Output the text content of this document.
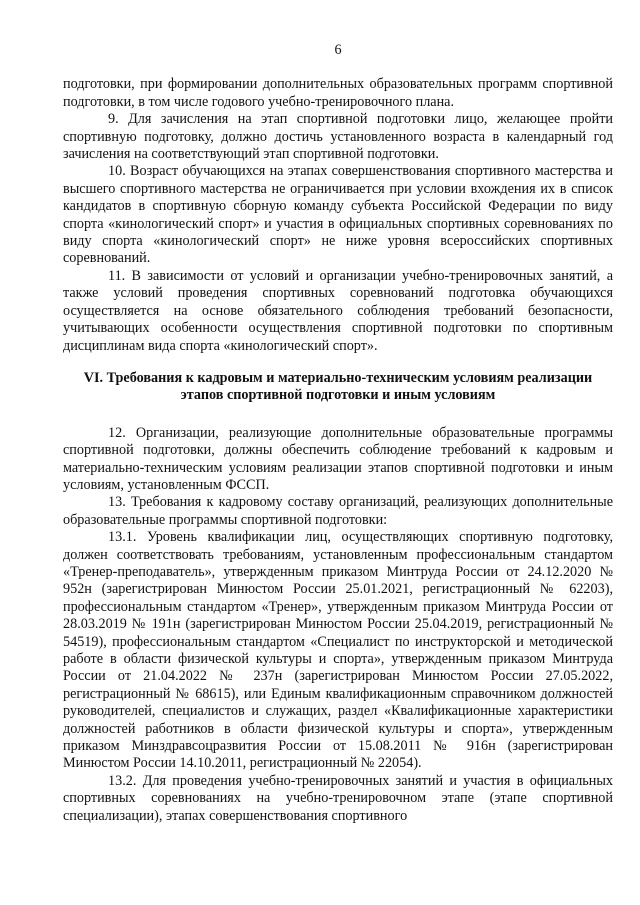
6

подготовки, при формировании дополнительных образовательных программ спортивной подготовки, в том числе годового учебно-тренировочного плана.

9. Для зачисления на этап спортивной подготовки лицо, желающее пройти спортивную подготовку, должно достичь установленного возраста в календарный год зачисления на соответствующий этап спортивной подготовки.

10. Возраст обучающихся на этапах совершенствования спортивного мастерства и высшего спортивного мастерства не ограничивается при условии вхождения их в список кандидатов в спортивную сборную команду субъекта Российской Федерации по виду спорта «кинологический спорт» и участия в официальных спортивных соревнованиях по виду спорта «кинологический спорт» не ниже уровня всероссийских спортивных соревнований.

11. В зависимости от условий и организации учебно-тренировочных занятий, а также условий проведения спортивных соревнований подготовка обучающихся осуществляется на основе обязательного соблюдения требований безопасности, учитывающих особенности осуществления спортивной подготовки по спортивным дисциплинам вида спорта «кинологический спорт».

VI. Требования к кадровым и материально-техническим условиям реализации этапов спортивной подготовки и иным условиям

12. Организации, реализующие дополнительные образовательные программы спортивной подготовки, должны обеспечить соблюдение требований к кадровым и материально-техническим условиям реализации этапов спортивной подготовки и иным условиям, установленным ФССП.

13. Требования к кадровому составу организаций, реализующих дополнительные образовательные программы спортивной подготовки:

13.1. Уровень квалификации лиц, осуществляющих спортивную подготовку, должен соответствовать требованиям, установленным профессиональным стандартом «Тренер-преподаватель», утвержденным приказом Минтруда России от 24.12.2020 № 952н (зарегистрирован Минюстом России 25.01.2021, регистрационный № 62203), профессиональным стандартом «Тренер», утвержденным приказом Минтруда России от 28.03.2019 № 191н (зарегистрирован Минюстом России 25.04.2019, регистрационный № 54519), профессиональным стандартом «Специалист по инструкторской и методической работе в области физической культуры и спорта», утвержденным приказом Минтруда России от 21.04.2022 № 237н (зарегистрирован Минюстом России 27.05.2022, регистрационный № 68615), или Единым квалификационным справочником должностей руководителей, специалистов и служащих, раздел «Квалификационные характеристики должностей работников в области физической культуры и спорта», утвержденным приказом Минздравсоцразвития России от 15.08.2011 № 916н (зарегистрирован Минюстом России 14.10.2011, регистрационный № 22054).

13.2. Для проведения учебно-тренировочных занятий и участия в официальных спортивных соревнованиях на учебно-тренировочном этапе (этапе спортивной специализации), этапах совершенствования спортивного
